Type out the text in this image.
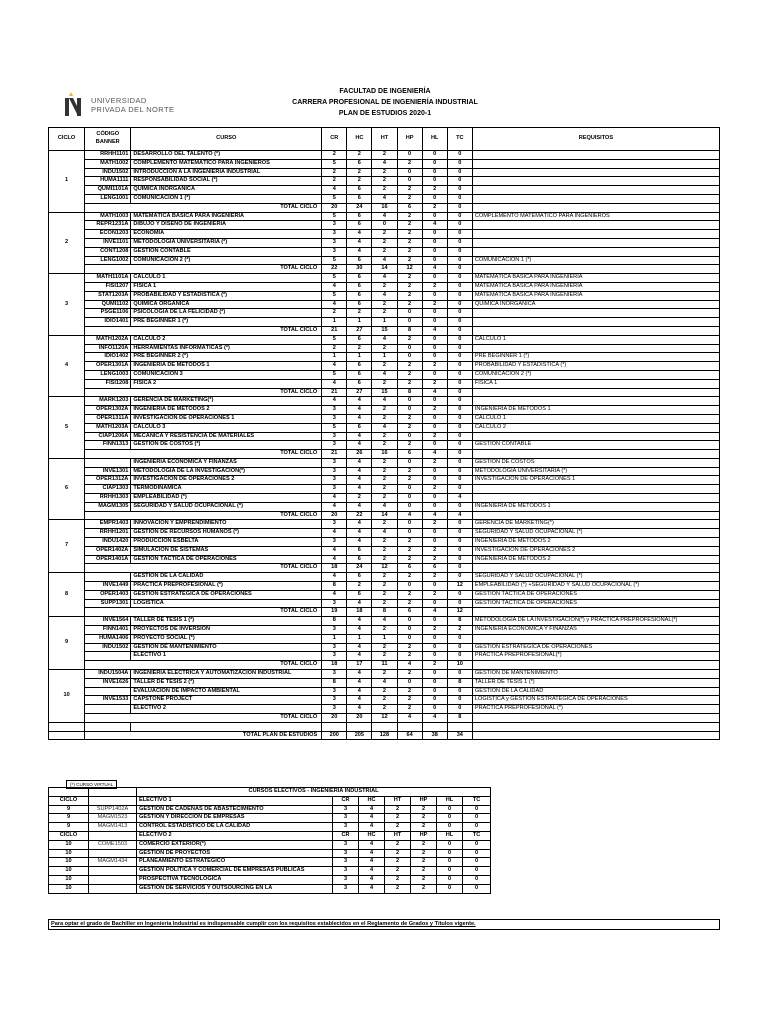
UNIVERSIDAD
PRIVADA DEL NORTE
FACULTAD DE INGENIERÍA
CARRERA PROFESIONAL DE INGENIERÍA INDUSTRIAL
PLAN DE ESTUDIOS 2020-1
CICLO	CÓDIGO BANNER	CURSO	CR	HC	HT	HP	HL	TC	REQUISITOS
1	RRHH1101	DESARROLLO DEL TALENTO (*)	2	2	2	0	0	0	
	MATH1002	COMPLEMENTO MATEMÁTICO PARA INGENIEROS	5	6	4	2	0	0	
	INDU1502	INTRODUCCIÓN A LA INGENIERÍA INDUSTRIAL	2	2	2	0	0	0	
	HUMA1111	RESPONSABILIDAD SOCIAL (*)	2	2	2	0	0	0	
	QUMI1101A	QUÍMICA INORGÁNICA	4	6	2	2	2	0	
	LENG1001	COMUNICACIÓN 1 (*)	5	6	4	2	0	0	
	TOTAL CICLO		20	24	16	6	2	0	
2	MATH1003	MATEMÁTICA BÁSICA PARA INGENIERÍA	5	6	4	2	0	0	COMPLEMENTO MATEMÁTICO PARA INGENIEROS
	REPR1231A	DIBUJO Y DISEÑO DE INGENIERÍA	3	6	0	2	4	0	
	ECON1203	ECONOMÍA	3	4	2	2	0	0	
	INVE1101	METODOLOGÍA UNIVERSITARIA (*)	3	4	2	2	0	0	
	CONT1208	GESTIÓN CONTABLE	3	4	2	2	0	0	
	LENG1002	COMUNICACIÓN 2 (*)	5	6	4	2	0	0	COMUNICACIÓN 1 (*)
	TOTAL CICLO		22	30	14	12	4	0	
3	MATH1101A	CÁLCULO 1	5	6	4	2	0	0	MATEMÁTICA BÁSICA PARA INGENIERÍA
	FISI1207	FÍSICA 1	4	6	2	2	2	0	MATEMÁTICA BÁSICA PARA INGENIERÍA
	STAT1203A	PROBABILIDAD Y ESTADÍSTICA (*)	5	6	4	2	0	0	MATEMÁTICA BÁSICA PARA INGENIERÍA
	QUMI1102	QUÍMICA ORGÁNICA	4	6	2	2	2	0	QUÍMICA INORGÁNICA
	PSGE1106	PSICOLOGÍA DE LA FELICIDAD (*)	2	2	2	0	0	0	
	IDIO1401	PRE BEGINNER 1 (*)	1	1	1	0	0	0	
	TOTAL CICLO		21	27	15	8	4	0	
4	MATH1202A	CÁLCULO 2	5	6	4	2	0	0	CÁLCULO 1
	INFO1120A	HERRAMIENTAS INFORMÁTICAS (*)	2	2	2	0	0	0	
	IDIO1402	PRE BEGINNER 2 (*)	1	1	1	0	0	0	PRE BEGINNER 1 (*)
	OPER1301A	INGENIERÍA DE MÉTODOS 1	4	6	2	2	2	0	PROBABILIDAD Y ESTADÍSTICA (*)
	LENG1003	COMUNICACIÓN 3	5	6	4	2	0	0	COMUNICACIÓN 2 (*)
	FISI1208	FÍSICA 2	4	6	2	2	2	0	FÍSICA 1
	TOTAL CICLO		21	27	15	8	4	0	
5	MARK1203	GERENCIA DE MARKETING(*)	4	4	4	0	0	0	
	OPER1302A	INGENIERÍA DE MÉTODOS 2	3	4	2	0	2	0	INGENIERÍA DE MÉTODOS 1
	OPER1311A	INVESTIGACIÓN DE OPERACIONES 1	3	4	2	2	0	0	CÁLCULO 1
	MATH1203A	CÁLCULO 3	5	6	4	2	0	0	CÁLCULO 2
	CIAP1206A	MECÁNICA Y RESISTENCIA DE MATERIALES	3	4	2	0	2	0	
	FINN1313	GESTIÓN DE COSTOS (*)	3	4	2	2	0	0	GESTIÓN CONTABLE
	TOTAL CICLO		21	26	16	6	4	0	
6		INGENIERÍA ECONÓMICA Y FINANZAS	3	4	2	0	2	0	GESTIÓN DE COSTOS
	INVE1301	METODOLOGÍA DE LA INVESTIGACIÓN(*)	3	4	2	2	0	0	METODOLOGÍA UNIVERSITARIA (*)
	OPER1312A	INVESTIGACIÓN DE OPERACIONES 2	3	4	2	2	0	0	INVESTIGACIÓN DE OPERACIONES 1
	CIAP1303	TERMODINÁMICA	3	4	2	0	2	0	
	RRHH1303	EMPLEABILIDAD (*)	4	2	2	0	0	4	
	MAGM1305	SEGURIDAD Y SALUD OCUPACIONAL (*)	4	4	4	0	0	0	INGENIERÍA DE MÉTODOS 1
	TOTAL CICLO		20	22	14	4	4	4	
7	EMPR1403	INNOVACIÓN Y EMPRENDIMIENTO	3	4	2	0	2	0	GERENCIA DE MARKETING(*)
	RRHH1201	GESTIÓN DE RECURSOS HUMANOS (*)	4	4	4	0	0	0	SEGURIDAD Y SALUD OCUPACIONAL (*)
	INDU1420	PRODUCCIÓN ESBELTA	3	4	2	2	0	0	INGENIERÍA DE MÉTODOS 2
	OPER1402A	SIMULACIÓN DE SISTEMAS	4	6	2	2	2	0	INVESTIGACIÓN DE OPERACIONES 2
	OPER1401A	GESTIÓN TÁCTICA DE OPERACIONES	4	6	2	2	2	0	INGENIERÍA DE MÉTODOS 2
	TOTAL CICLO		18	24	12	6	6	0	
8		GESTIÓN DE LA CALIDAD	4	6	2	2	2	0	SEGURIDAD Y SALUD OCUPACIONAL (*)
	INVE1449	PRÁCTICA PREPROFESIONAL (*)	8	2	2	0	0	12	EMPLEABILIDAD (*) +SEGURIDAD Y SALUD OCUPACIONAL (*)
	OPER1403	GESTIÓN ESTRATÉGICA DE OPERACIONES	4	6	2	2	2	0	GESTIÓN TÁCTICA DE OPERACIONES
	SUPP1301	LOGÍSTICA	3	4	2	2	0	0	GESTIÓN TÁCTICA DE OPERACIONES
	TOTAL CICLO		19	18	8	6	4	12	
9	INVE1564	TALLER DE TESIS 1 (*)	8	4	4	0	0	8	METODOLOGÍA DE LA INVESTIGACIÓN(*) y PRÁCTICA PREPROFESIONAL(*)
	FINN1401	PROYECTOS DE INVERSIÓN	3	4	2	0	2	2	INGENIERÍA ECONÓMICA Y FINANZAS
	HUMA1406	PROYECTO SOCIAL (*)	1	1	1	0	0	0	
	INDU1502	GESTIÓN DE MANTENIMIENTO	3	4	2	2	0	0	GESTIÓN ESTRATÉGICA DE OPERACIONES
		ELECTIVO 1	3	4	2	2	0	0	PRÁCTICA PREPROFESIONAL(*)
	TOTAL CICLO		18	17	11	4	2	10	
10	INDU1504A	INGENIERÍA ELÉCTRICA Y AUTOMATIZACIÓN INDUSTRIAL	3	4	2	2	0	0	GESTIÓN DE MANTENIMIENTO
	INVE1626	TALLER DE TESIS 2 (*)	8	4	4	0	0	8	TALLER DE TESIS 1 (*)
		EVALUACIÓN DE IMPACTO AMBIENTAL	3	4	2	2	0	0	GESTIÓN DE LA CALIDAD
	INVE1533	CAPSTONE PROJECT	3	4	2	2	0	0	LOGÍSTICA y GESTIÓN ESTRATÉGICA DE OPERACIONES
		ELECTIVO 2	3	4	2	2	0	0	PRÁCTICA PREPROFESIONAL (*)
	TOTAL CICLO		20	20	12	4	4	8	

	TOTAL PLAN DE ESTUDIOS		200	205	128	64	38	34	
(*) CURSO VIRTUAL
		CURSOS ELECTIVOS - INGENIERÍA INDUSTRIAL						
CICLO		ELECTIVO 1	CR	HC	HT	HP	HL	TC
9	SUPP1402A	GESTIÓN DE CADENAS DE ABASTECIMIENTO	3	4	2	2	0	0
9	MAGM1523	GESTIÓN Y DIRECCIÓN DE EMPRESAS	3	4	2	2	0	0
9	MAGM1413	CONTROL ESTADÍSTICO DE LA CALIDAD	3	4	2	2	0	0
CICLO		ELECTIVO 2	CR	HC	HT	HP	HL	TC
10	COME1503	COMERCIO EXTERIOR(*)	3	4	2	2	0	0
10		GESTIÓN DE PROYECTOS	3	4	2	2	0	0
10	MAGM1434	PLANEAMIENTO ESTRATÉGICO	3	4	2	2	0	0
10		GESTIÓN POLÍTICA Y COMERCIAL DE EMPRESAS PÚBLICAS	3	4	2	2	0	0
10		PROSPECTIVA TECNOLÓGICA	3	4	2	2	0	0
10		GESTIÓN DE SERVICIOS Y OUTSOURCING EN LA	3	4	2	2	0	0
Para optar el grado de Bachiller en Ingeniería Industrial es indispensable cumplir con los requisitos establecidos en el Reglamento de Grados y Títulos vigente.
